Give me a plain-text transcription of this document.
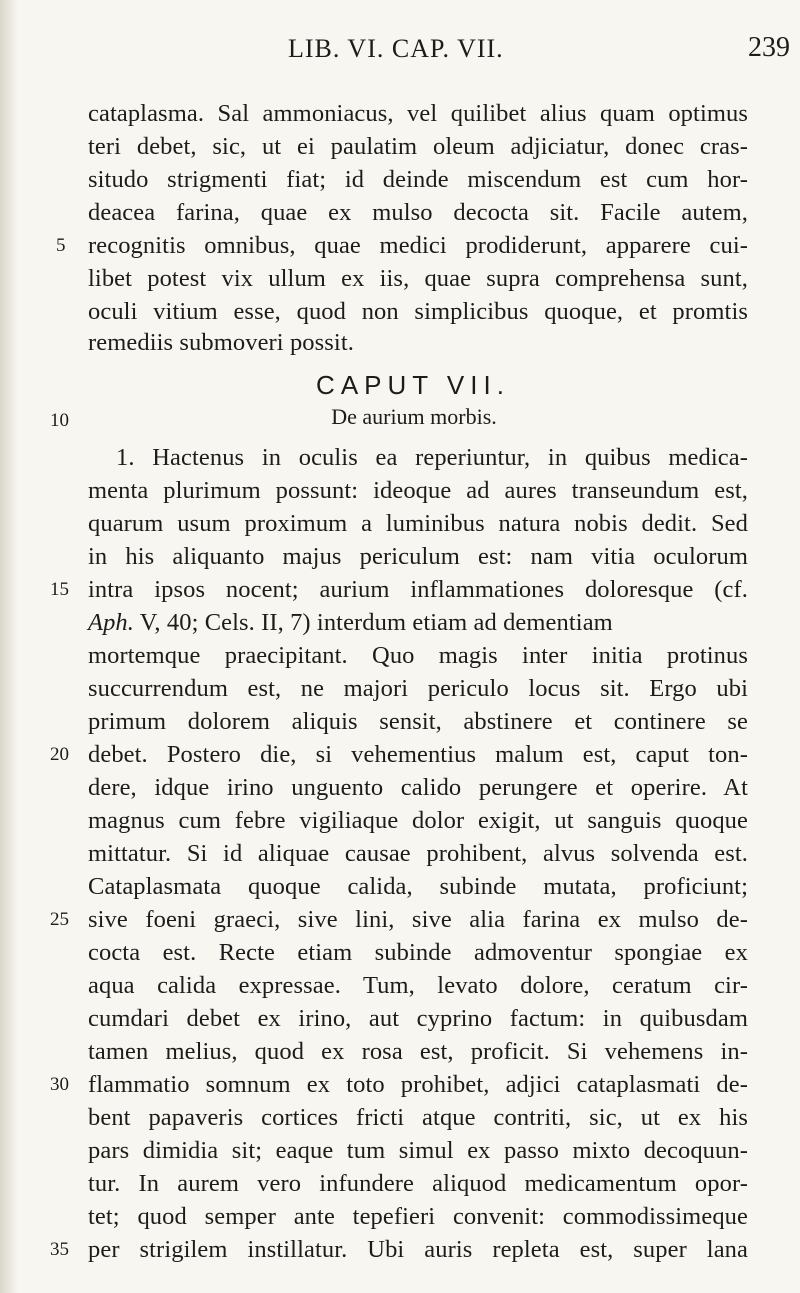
LIB. VI. CAP. VII.	239
cataplasma. Sal ammoniacus, vel quilibet alius quam optimus
teri debet, sic, ut ei paulatim oleum adjiciatur, donec cras-
situdo strigmenti fiat; id deinde miscendum est cum hor-
deacea farina, quae ex mulso decocta sit. Facile autem,
recognitis omnibus, quae medici prodiderunt, apparere cui-
libet potest vix ullum ex iis, quae supra comprehensa sunt,
oculi vitium esse, quod non simplicibus quoque, et promtis
remediis submoveri possit.
CAPUT VII.
De aurium morbis.
1. Hactenus in oculis ea reperiuntur, in quibus medica-
menta plurimum possunt: ideoque ad aures transeundum est,
quarum usum proximum a luminibus natura nobis dedit. Sed
in his aliquanto majus periculum est: nam vitia oculorum
intra ipsos nocent; aurium inflammationes doloresque (cf.
Aph. V, 40; Cels. II, 7) interdum etiam ad dementiam
mortemque praecipitant. Quo magis inter initia protinus
succurrendum est, ne majori periculo locus sit. Ergo ubi
primum dolorem aliquis sensit, abstinere et continere se
debet. Postero die, si vehementius malum est, caput ton-
dere, idque irino unguento calido perungere et operire. At
magnus cum febre vigiliaque dolor exigit, ut sanguis quoque
mittatur. Si id aliquae causae prohibent, alvus solvenda est.
Cataplasmata quoque calida, subinde mutata, proficiunt;
sive foeni graeci, sive lini, sive alia farina ex mulso de-
cocta est. Recte etiam subinde admoventur spongiae ex
aqua calida expressae. Tum, levato dolore, ceratum cir-
cumdari debet ex irino, aut cyprino factum: in quibusdam
tamen melius, quod ex rosa est, proficit. Si vehemens in-
flammatio somnum ex toto prohibet, adjici cataplasmati de-
bent papaveris cortices fricti atque contriti, sic, ut ex his
pars dimidia sit; eaque tum simul ex passo mixto decoquun-
tur. In aurem vero infundere aliquod medicamentum opor-
tet; quod semper ante tepefieri convenit: commodissimeque
per strigilem instillatur. Ubi auris repleta est, super lana
5
10
15
20
25
30
35
